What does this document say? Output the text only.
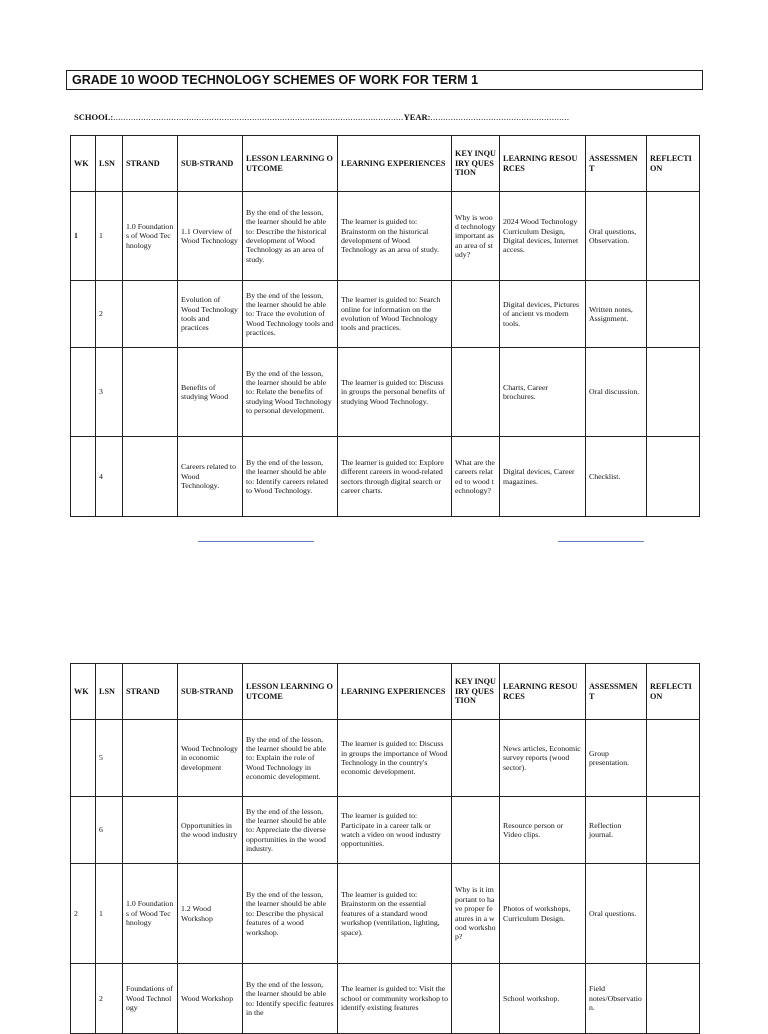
GRADE 10 WOOD TECHNOLOGY SCHEMES OF WORK FOR TERM 1
SCHOOL: ................................................................................................................... YEAR: .......................................................
WK	LSN	STRAND	SUB-STRAND	LESSON LEARNING OUTCOME	LEARNING EXPERIENCES	KEY INQUIRY QUESTION	LEARNING RESOURCES	ASSESSMENT	REFLECTION
1	1	1.0 Foundations of Wood Technology	1.1 Overview of Wood Technology	By the end of the lesson, the learner should be able to: Describe the historical development of Wood Technology as an area of study.	The learner is guided to: Brainstorm on the historical development of Wood Technology as an area of study.	Why is wood technology important as an area of study?	2024 Wood Technology Curriculum Design, Digital devices, Internet access.	Oral questions, Observation.	
	2		Evolution of Wood Technology tools and practices	By the end of the lesson, the learner should be able to: Trace the evolution of Wood Technology tools and practices.	The learner is guided to: Search online for information on the evolution of Wood Technology tools and practices.		Digital devices, Pictures of ancient vs modern tools.	Written notes, Assignment.	
	3		Benefits of studying Wood	By the end of the lesson, the learner should be able to: Relate the benefits of studying Wood Technology to personal development.	The learner is guided to: Discuss in groups the personal benefits of studying Wood Technology.		Charts, Career brochures.	Oral discussion.	
	4		Careers related to Wood Technology.	By the end of the lesson, the learner should be able to: Identify careers related to Wood Technology.	The learner is guided to: Explore different careers in wood-related sectors through digital search or career charts.	What are the careers related to wood technology?	Digital devices, Career magazines.	Checklist.	
WK	LSN	STRAND	SUB-STRAND	LESSON LEARNING OUTCOME	LEARNING EXPERIENCES	KEY INQUIRY QUESTION	LEARNING RESOURCES	ASSESSMENT	REFLECTION
	5		Wood Technology in economic development	By the end of the lesson, the learner should be able to: Explain the role of Wood Technology in economic development.	The learner is guided to: Discuss in groups the importance of Wood Technology in the country's economic development.		News articles, Economic survey reports (wood sector).	Group presentation.	
	6		Opportunities in the wood industry	By the end of the lesson, the learner should be able to: Appreciate the diverse opportunities in the wood industry.	The learner is guided to: Participate in a career talk or watch a video on wood industry opportunities.		Resource person or Video clips.	Reflection journal.	
2	1	1.0 Foundations of Wood Technology	1.2 Wood Workshop	By the end of the lesson, the learner should be able to: Describe the physical features of a wood workshop.	The learner is guided to: Brainstorm on the essential features of a standard wood workshop (ventilation, lighting, space).	Why is it important to have proper features in a wood workshop?	Photos of workshops, Curriculum Design.	Oral questions.	
	2	Foundations of Wood Technology	Wood Workshop	By the end of the lesson, the learner should be able to: Identify specific features in the	The learner is guided to: Visit the school or community workshop to identify existing features		School workshop.	Field notes/Observation.	
